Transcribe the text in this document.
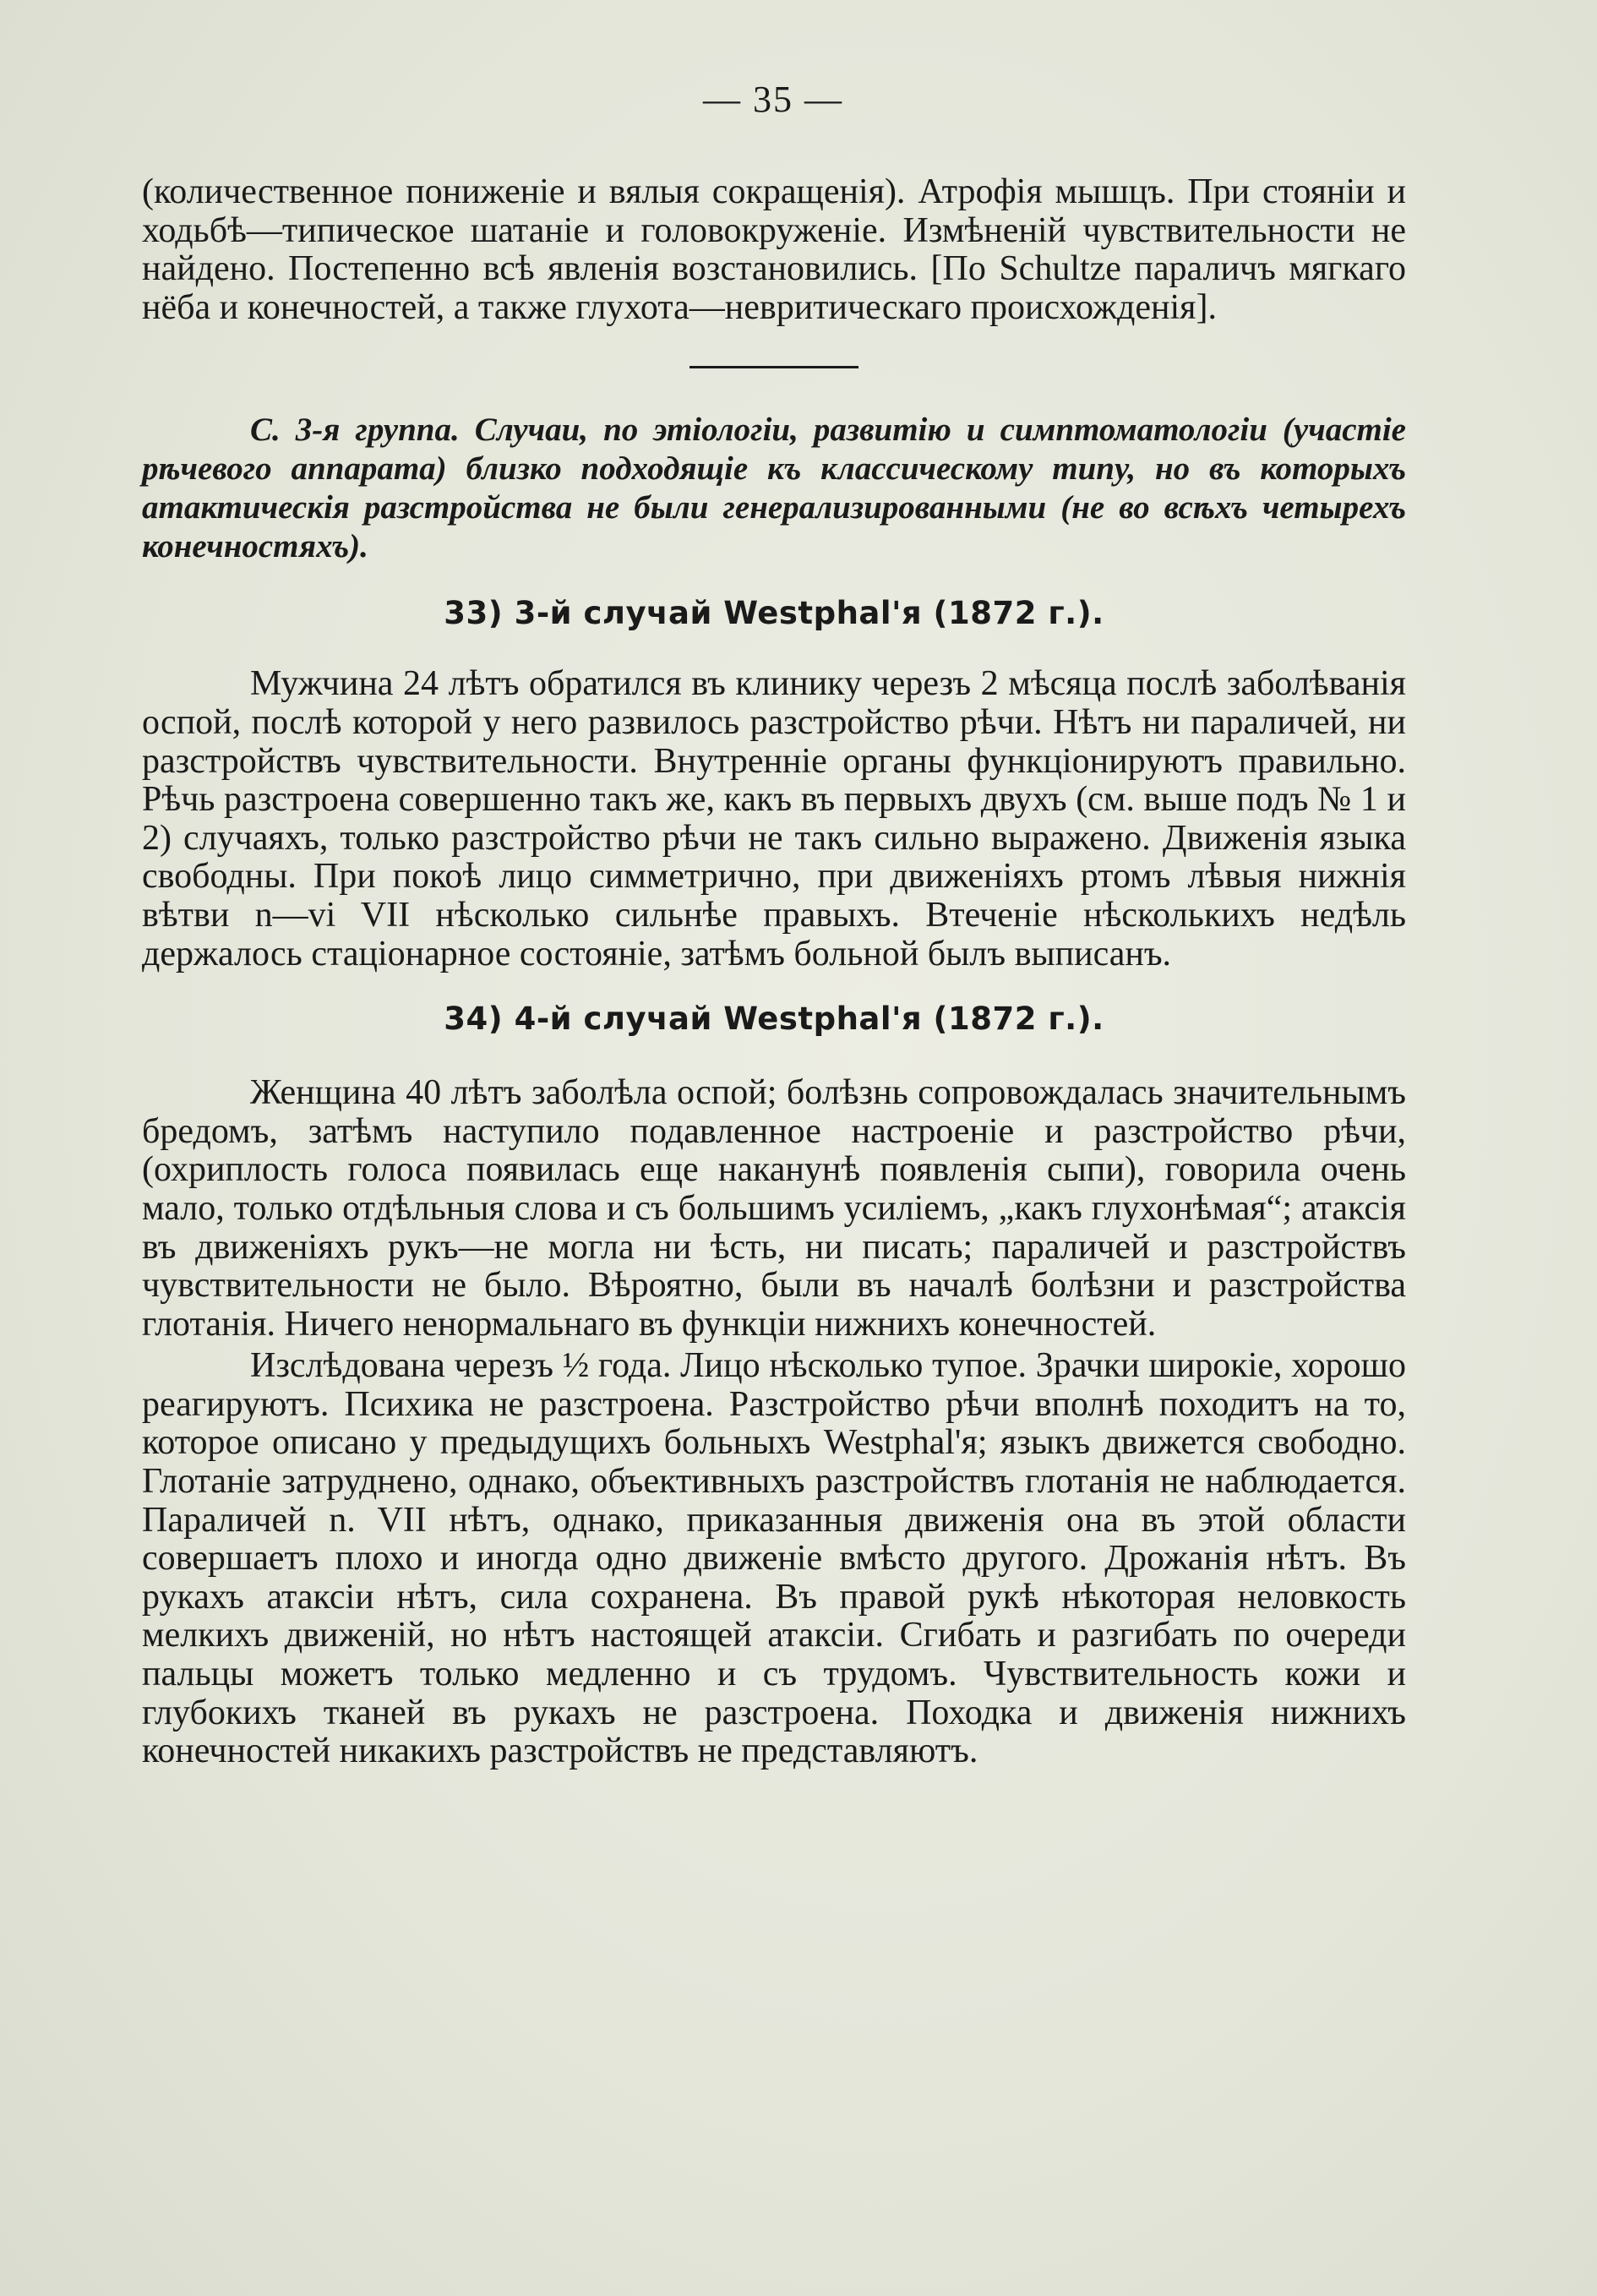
— 35 —

(количественное пониженіе и вялыя сокращенія). Атрофія мышцъ. При стояніи и ходьбѣ—типическое шатаніе и головокруженіе. Измѣненій чувствительности не найдено. Постепенно всѣ явленія возстановились. [По Schultze параличъ мягкаго нёба и конечностей, а также глухота—невритическаго происхожденія].

С. 3-я группа. Случаи, по этіологіи, развитію и симптоматологіи (участіе рѣчевого аппарата) близко подходящіе къ классическому типу, но въ которыхъ атактическія разстройства не были генерализированными (не во всѣхъ четырехъ конечностяхъ).

33) 3-й случай Westphal'я (1872 г.).

Мужчина 24 лѣтъ обратился въ клинику черезъ 2 мѣсяца послѣ заболѣванія оспой, послѣ которой у него развилось разстройство рѣчи. Нѣтъ ни параличей, ни разстройствъ чувствительности. Внутренніе органы функціонируютъ правильно. Рѣчь разстроена совершенно такъ же, какъ въ первыхъ двухъ (см. выше подъ № 1 и 2) случаяхъ, только разстройство рѣчи не такъ сильно выражено. Движенія языка свободны. При покоѣ лицо симметрично, при движеніяхъ ртомъ лѣвыя нижнія вѣтви n—vi VII нѣсколько сильнѣе правыхъ. Втеченіе нѣсколькихъ недѣль держалось стаціонарное состояніе, затѣмъ больной былъ выписанъ.

34) 4-й случай Westphal'я (1872 г.).

Женщина 40 лѣтъ заболѣла оспой; болѣзнь сопровождалась значительнымъ бредомъ, затѣмъ наступило подавленное настроеніе и разстройство рѣчи, (охриплость голоса появилась еще наканунѣ появленія сыпи), говорила очень мало, только отдѣльныя слова и съ большимъ усиліемъ, „какъ глухонѣмая“; атаксія въ движеніяхъ рукъ—не могла ни ѣсть, ни писать; параличей и разстройствъ чувствительности не было. Вѣроятно, были въ началѣ болѣзни и разстройства глотанія. Ничего ненормальнаго въ функціи нижнихъ конечностей.

Изслѣдована черезъ ½ года. Лицо нѣсколько тупое. Зрачки широкіе, хорошо реагируютъ. Психика не разстроена. Разстройство рѣчи вполнѣ походитъ на то, которое описано у предыдущихъ больныхъ Westphal'я; языкъ движется свободно. Глотаніе затруднено, однако, объективныхъ разстройствъ глотанія не наблюдается. Параличей n. VII нѣтъ, однако, приказанныя движенія она въ этой области совершаетъ плохо и иногда одно движеніе вмѣсто другого. Дрожанія нѣтъ. Въ рукахъ атаксіи нѣтъ, сила сохранена. Въ правой рукѣ нѣкоторая неловкость мелкихъ движеній, но нѣтъ настоящей атаксіи. Сгибать и разгибать по очереди пальцы можетъ только медленно и съ трудомъ. Чувствительность кожи и глубокихъ тканей въ рукахъ не разстроена. Походка и движенія нижнихъ конечностей никакихъ разстройствъ не представляютъ.
